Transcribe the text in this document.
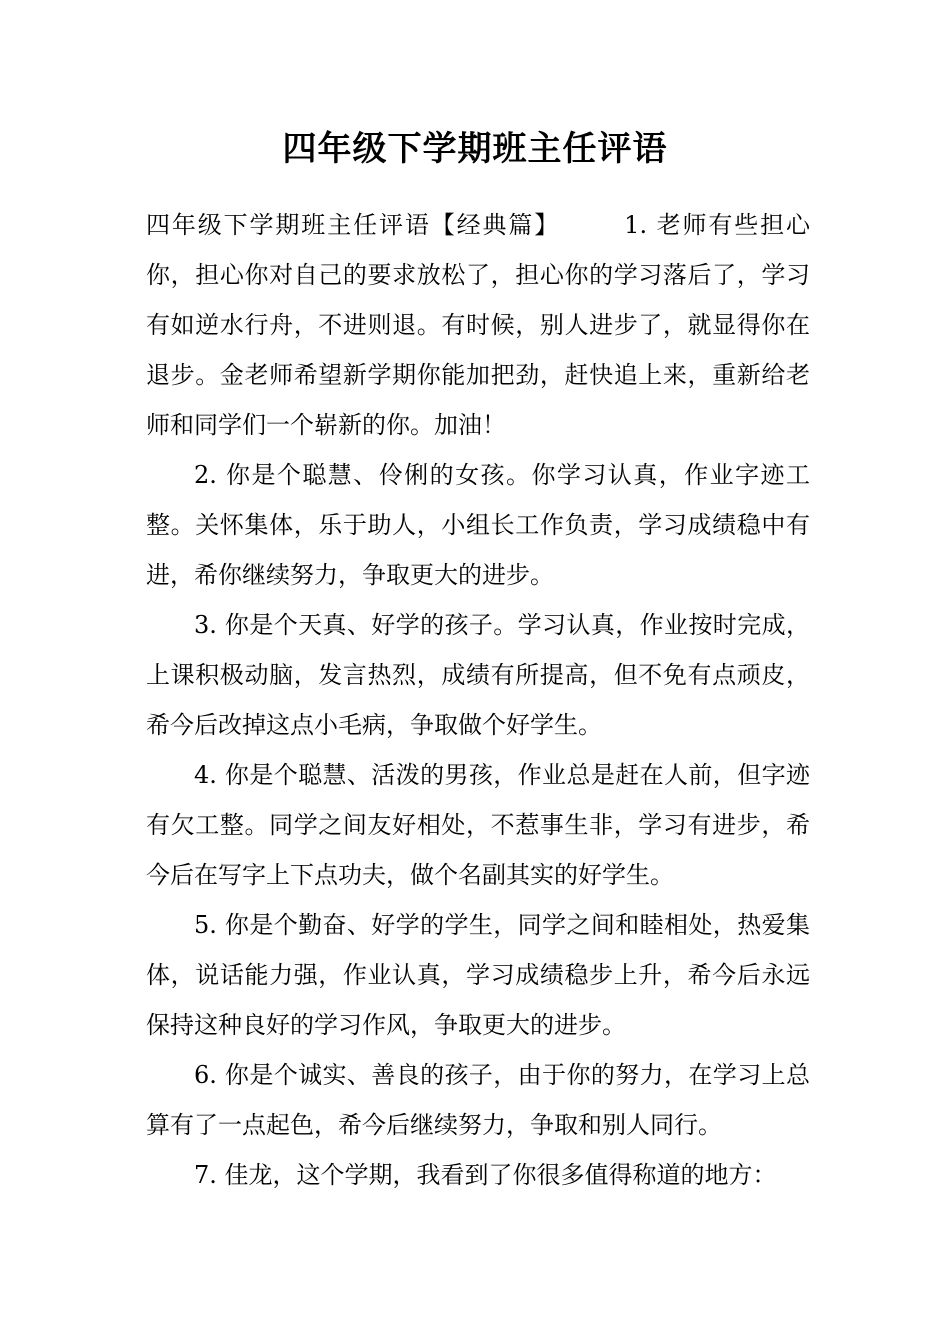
四年级下学期班主任评语

四年级下学期班主任评语【经典篇】	1. 老师有些担心你，担心你对自己的要求放松了，担心你的学习落后了，学习有如逆水行舟，不进则退。有时候，别人进步了，就显得你在退步。金老师希望新学期你能加把劲，赶快追上来，重新给老师和同学们一个崭新的你。加油！

2. 你是个聪慧、伶俐的女孩。你学习认真，作业字迹工整。关怀集体，乐于助人，小组长工作负责，学习成绩稳中有进，希你继续努力，争取更大的进步。

3. 你是个天真、好学的孩子。学习认真，作业按时完成，上课积极动脑，发言热烈，成绩有所提高，但不免有点顽皮，希今后改掉这点小毛病，争取做个好学生。

4. 你是个聪慧、活泼的男孩，作业总是赶在人前，但字迹有欠工整。同学之间友好相处，不惹事生非，学习有进步，希今后在写字上下点功夫，做个名副其实的好学生。

5. 你是个勤奋、好学的学生，同学之间和睦相处，热爱集体，说话能力强，作业认真，学习成绩稳步上升，希今后永远保持这种良好的学习作风，争取更大的进步。

6. 你是个诚实、善良的孩子，由于你的努力，在学习上总算有了一点起色，希今后继续努力，争取和别人同行。

7. 佳龙，这个学期，我看到了你很多值得称道的地方：
